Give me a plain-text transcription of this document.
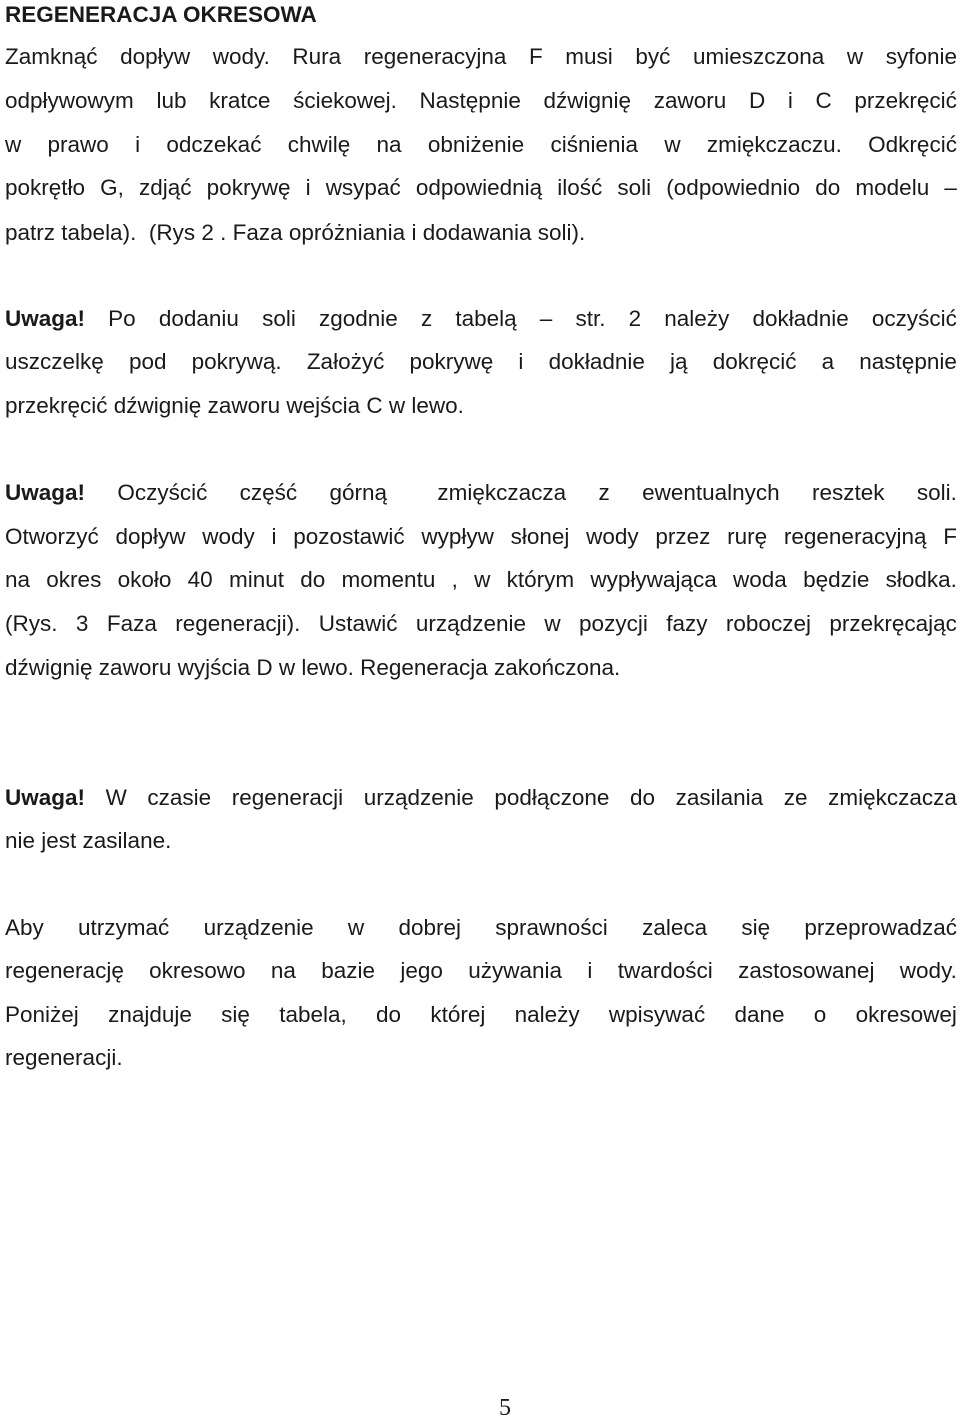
REGENERACJA OKRESOWA
Zamknąć dopływ wody. Rura regeneracyjna F musi być umieszczona w syfonie
odpływowym lub kratce ściekowej. Następnie dźwignię zaworu D i C przekręcić
w prawo i odczekać chwilę na obniżenie ciśnienia w zmiękczaczu. Odkręcić
pokrętło G, zdjąć pokrywę i wsypać odpowiednią ilość soli (odpowiednio do modelu –
patrz tabela).  (Rys 2 . Faza opróżniania i dodawania soli).
Uwaga! Po dodaniu soli zgodnie z tabelą – str. 2 należy dokładnie oczyścić
uszczelkę pod pokrywą. Założyć pokrywę i dokładnie ją dokręcić a następnie
przekręcić dźwignię zaworu wejścia C w lewo.
Uwaga! Oczyścić część górną zmiękczacza z ewentualnych resztek soli.
Otworzyć dopływ wody i pozostawić wypływ słonej wody przez rurę regeneracyjną F
na okres około 40 minut do momentu , w którym wypływająca woda będzie słodka.
(Rys. 3 Faza regeneracji). Ustawić urządzenie w pozycji fazy roboczej przekręcając
dźwignię zaworu wyjścia D w lewo. Regeneracja zakończona.
Uwaga! W czasie regeneracji urządzenie podłączone do zasilania ze zmiękczacza
nie jest zasilane.
Aby utrzymać urządzenie w dobrej sprawności zaleca się przeprowadzać
regenerację okresowo na bazie jego używania i twardości zastosowanej wody.
Poniżej znajduje się tabela, do której należy wpisywać dane o okresowej
regeneracji.
5
